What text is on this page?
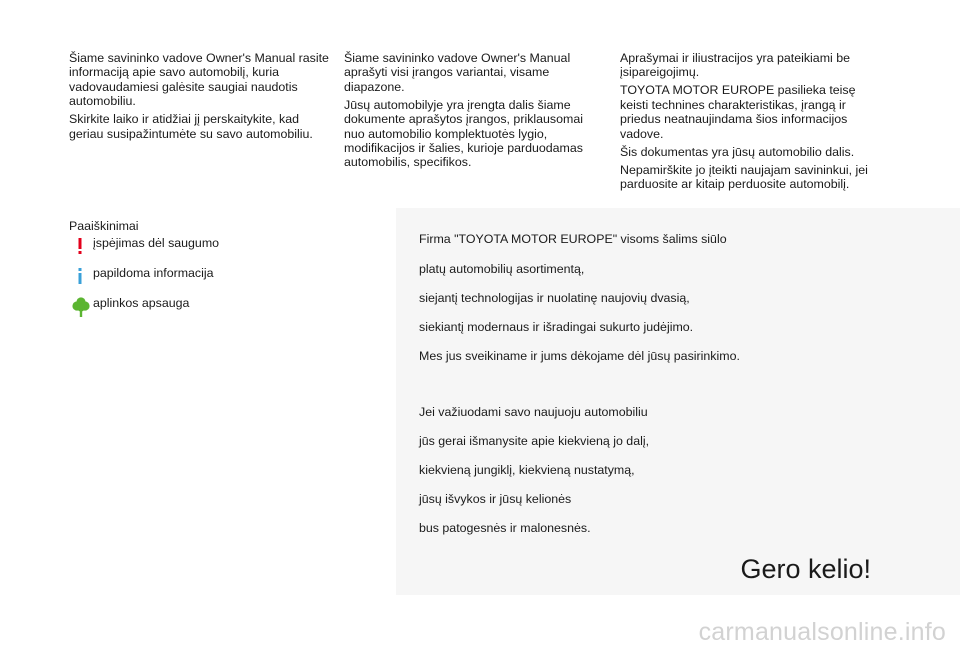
Šiame savininko vadove Owner's Manual rasite informaciją apie savo automobilį, kuria vadovaudamiesi galėsite saugiai naudotis automobiliu.

Skirkite laiko ir atidžiai jį perskaitykite, kad geriau susipažintumėte su savo automobiliu.

Šiame savininko vadove Owner's Manual aprašyti visi įrangos variantai, visame diapazone.

Jūsų automobilyje yra įrengta dalis šiame dokumente aprašytos įrangos, priklausomai nuo automobilio komplektuotės lygio, modifikacijos ir šalies, kurioje parduodamas automobilis, specifikos.

Aprašymai ir iliustracijos yra pateikiami be įsipareigojimų.

TOYOTA MOTOR EUROPE pasilieka teisę keisti technines charakteristikas, įrangą ir priedus neatnaujindama šios informacijos vadove.

Šis dokumentas yra jūsų automobilio dalis.

Nepamirškite jo įteikti naujajam savininkui, jei parduosite ar kitaip perduosite automobilį.

Paaiškinimai
įspėjimas dėl saugumo
papildoma informacija
aplinkos apsauga
Firma "TOYOTA MOTOR EUROPE" visoms šalims siūlo
platų automobilių asortimentą,
siejantį technologijas ir nuolatinę naujovių dvasią,
siekiantį modernaus ir išradingai sukurto judėjimo.
Mes jus sveikiname ir jums dėkojame dėl jūsų pasirinkimo.
Jei važiuodami savo naujuoju automobiliu
jūs gerai išmanysite apie kiekvieną jo dalį,
kiekvieną jungiklį, kiekvieną nustatymą,
jūsų išvykos ir jūsų kelionės
bus patogesnės ir malonesnės.
Gero kelio!
carmanualsonline.info
